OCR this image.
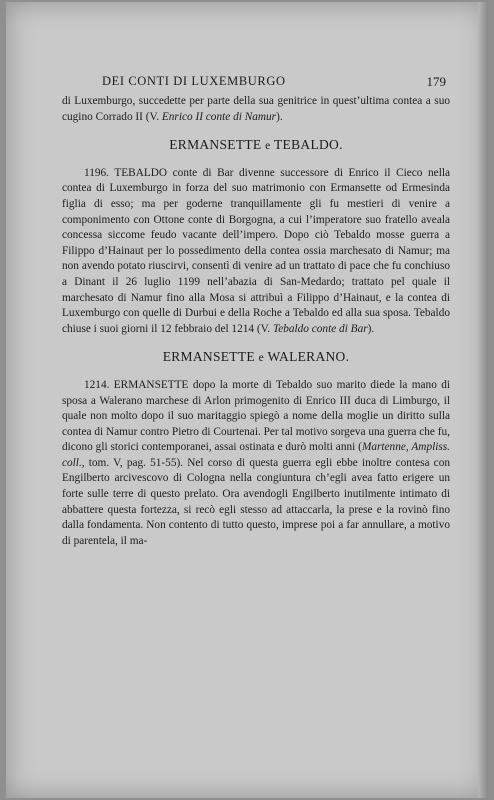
DEI CONTI DI LUXEMBURGO	179

di Luxemburgo, succedette per parte della sua genitrice in quest’ultima contea a suo cugino Corrado II (V. Enrico II conte di Namur).

ERMANSETTE e TEBALDO.

1196. TEBALDO conte di Bar divenne successore di Enrico il Cieco nella contea di Luxemburgo in forza del suo matrimonio con Ermansette od Ermesinda figlia di esso; ma per goderne tranquillamente gli fu mestieri di venire a componimento con Ottone conte di Borgogna, a cui l’imperatore suo fratello aveala concessa siccome feudo vacante dell’impero. Dopo ciò Tebaldo mosse guerra a Filippo d’Hainaut per lo possedimento della contea ossia marchesato di Namur; ma non avendo potato riuscirvi, consentì di venire ad un trattato di pace che fu conchiuso a Dinant il 26 luglio 1199 nell’abazia di San-Medardo; trattato pel quale il marchesato di Namur fino alla Mosa si attribuì a Filippo d’Hainaut, e la contea di Luxemburgo con quelle di Durbui e della Roche a Tebaldo ed alla sua sposa. Tebaldo chiuse i suoi giorni il 12 febbraio del 1214 (V. Tebaldo conte di Bar).

ERMANSETTE e WALERANO.

1214. ERMANSETTE dopo la morte di Tebaldo suo marito diede la mano di sposa a Walerano marchese di Arlon primogenito di Enrico III duca di Limburgo, il quale non molto dopo il suo maritaggio spiegò a nome della moglie un diritto sulla contea di Namur contro Pietro di Courtenai. Per tal motivo sorgeva una guerra che fu, dicono gli storici contemporanei, assai ostinata e durò molti anni (Martenne, Ampliss. coll., tom. V, pag. 51-55). Nel corso di questa guerra egli ebbe inoltre contesa con Engilberto arcivescovo di Cologna nella congiuntura ch’egli avea fatto erigere un forte sulle terre di questo prelato. Ora avendogli Engilberto inutilmente intimato di abbattere questa fortezza, si recò egli stesso ad attaccarla, la prese e la rovinò fino dalla fondamenta. Non contento di tutto questo, imprese poi a far annullare, a motivo di parentela, il ma-
